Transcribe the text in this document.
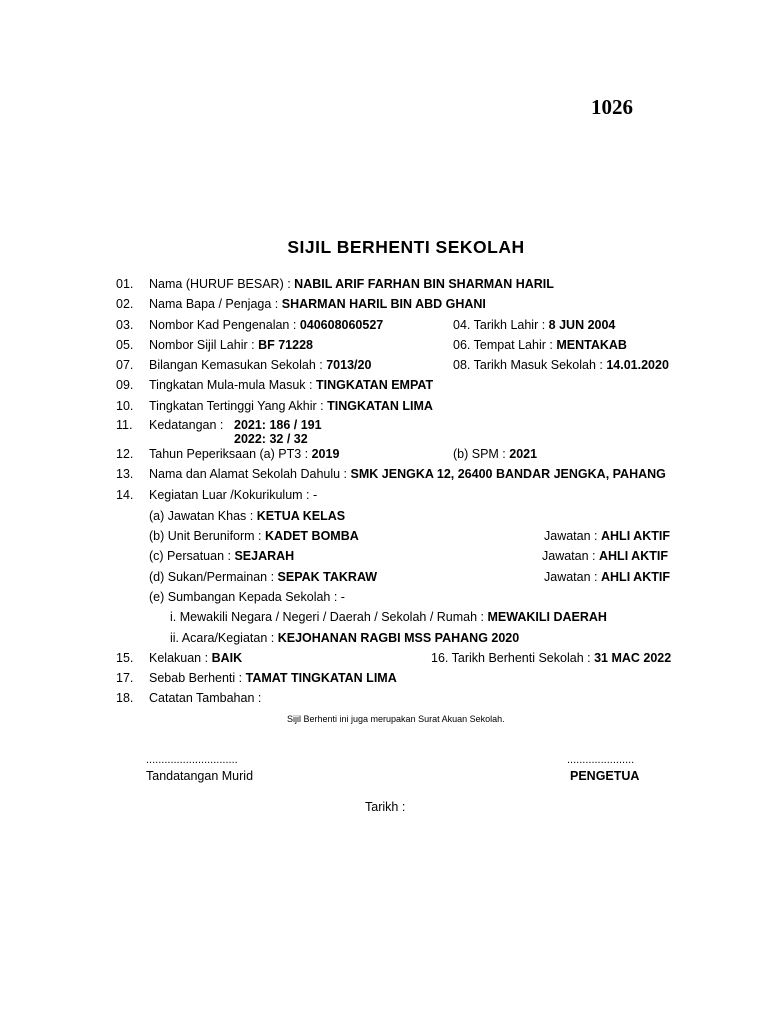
1026
SIJIL BERHENTI SEKOLAH
01. Nama (HURUF BESAR) : NABIL ARIF FARHAN BIN SHARMAN HARIL
02. Nama Bapa / Penjaga : SHARMAN HARIL BIN ABD GHANI
03. Nombor Kad Pengenalan : 040608060527	04. Tarikh Lahir : 8 JUN 2004
05. Nombor Sijil Lahir : BF 71228	06. Tempat Lahir : MENTAKAB
07. Bilangan Kemasukan Sekolah : 7013/20	08. Tarikh Masuk Sekolah : 14.01.2020
09. Tingkatan Mula-mula Masuk : TINGKATAN EMPAT
10. Tingkatan Tertinggi Yang Akhir : TINGKATAN LIMA
11. Kedatangan : 2021: 186 / 191
2022: 32 / 32
12. Tahun Peperiksaan (a) PT3 : 2019	(b) SPM : 2021
13. Nama dan Alamat Sekolah Dahulu : SMK JENGKA 12, 26400 BANDAR JENGKA, PAHANG
14. Kegiatan Luar /Kokurikulum : -
(a) Jawatan Khas : KETUA KELAS
(b) Unit Beruniform : KADET BOMBA	Jawatan : AHLI AKTIF
(c) Persatuan : SEJARAH	Jawatan : AHLI AKTIF
(d) Sukan/Permainan : SEPAK TAKRAW	Jawatan : AHLI AKTIF
(e) Sumbangan Kepada Sekolah : -
i. Mewakili Negara / Negeri / Daerah / Sekolah / Rumah : MEWAKILI DAERAH
ii. Acara/Kegiatan : KEJOHANAN RAGBI MSS PAHANG 2020
15. Kelakuan : BAIK	16. Tarikh Berhenti Sekolah : 31 MAC 2022
17. Sebab Berhenti : TAMAT TINGKATAN LIMA
18. Catatan Tambahan :
Sijil Berhenti ini juga merupakan Surat Akuan Sekolah.
..............................
Tandatangan Murid
......................
PENGETUA
Tarikh :
